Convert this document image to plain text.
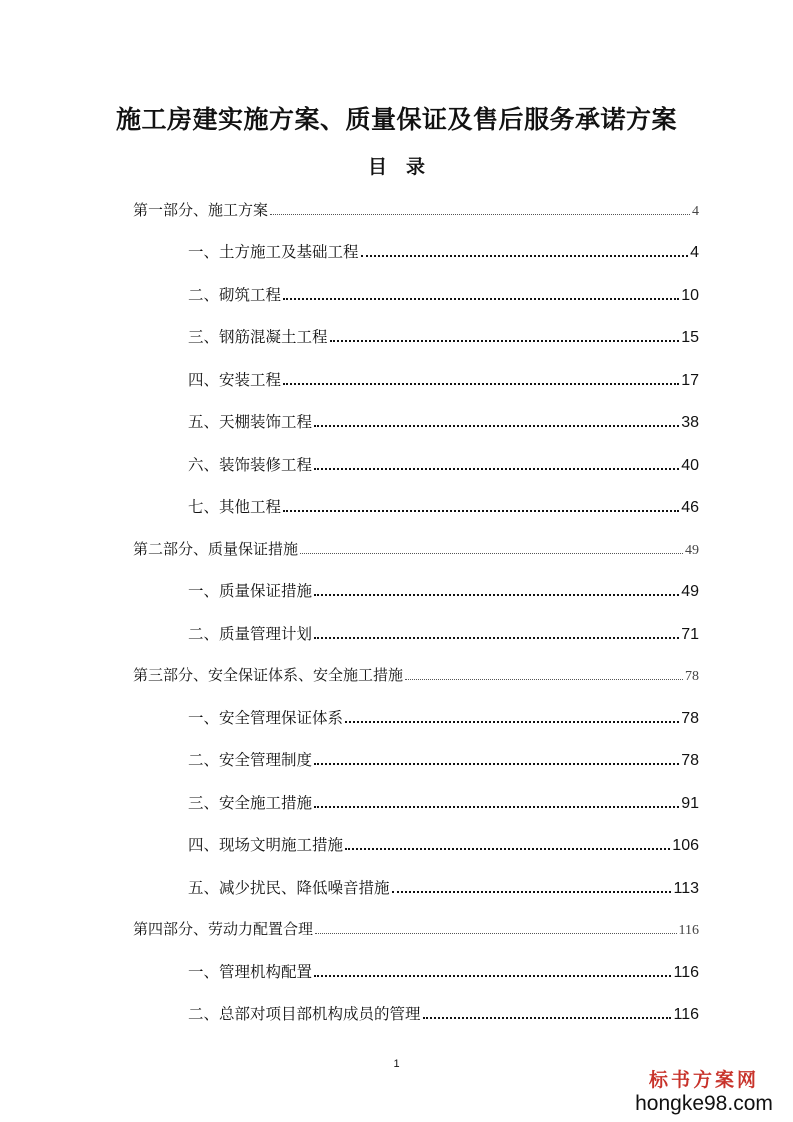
施工房建实施方案、质量保证及售后服务承诺方案
目　录
第一部分、施工方案	4
一、土方施工及基础工程	4
二、砌筑工程	10
三、钢筋混凝土工程	15
四、安装工程	17
五、天棚装饰工程	38
六、装饰装修工程	40
七、其他工程	46
第二部分、质量保证措施	49
一、质量保证措施	49
二、质量管理计划	71
第三部分、安全保证体系、安全施工措施	78
一、安全管理保证体系	78
二、安全管理制度	78
三、安全施工措施	91
四、现场文明施工措施	106
五、减少扰民、降低噪音措施	113
第四部分、劳动力配置合理	116
一、管理机构配置	116
二、总部对项目部机构成员的管理	116
1
标书方案网
hongke98.com
